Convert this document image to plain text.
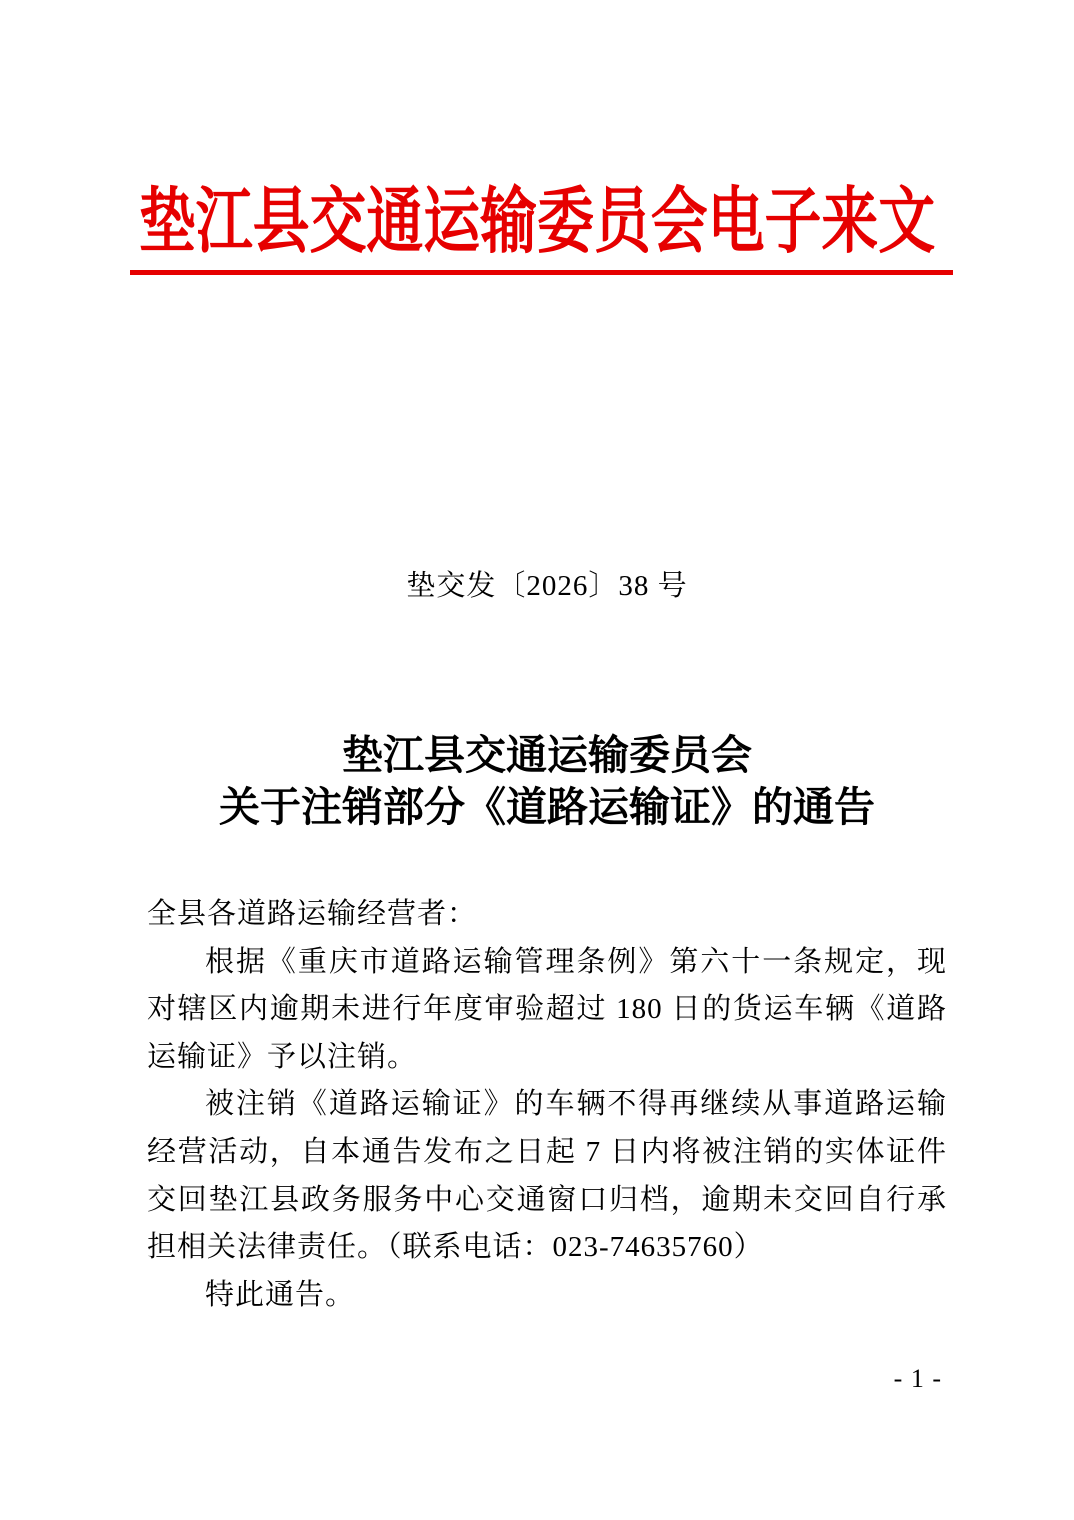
垫江县交通运输委员会电子来文
垫交发〔2026〕38 号
垫江县交通运输委员会
关于注销部分《道路运输证》的通告

全县各道路运输经营者：

根据《重庆市道路运输管理条例》第六十一条规定，现对辖区内逾期未进行年度审验超过 180 日的货运车辆《道路运输证》予以注销。

被注销《道路运输证》的车辆不得再继续从事道路运输经营活动，自本通告发布之日起 7 日内将被注销的实体证件交回垫江县政务服务中心交通窗口归档，逾期未交回自行承担相关法律责任。（联系电话：023-74635760）

特此通告。

- 1 -
